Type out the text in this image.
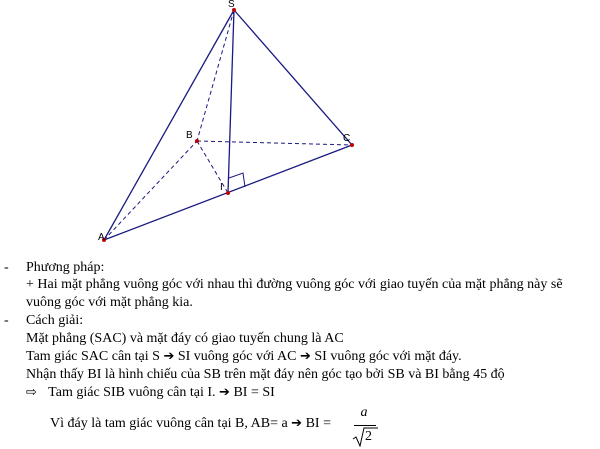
S
B	C
I
A
- Phương pháp:
+ Hai mặt phẳng vuông góc với nhau thì đường vuông góc với giao tuyến của mặt phẳng này sẽ
vuông góc với mặt phẳng kia.
- Cách giải:
Mặt phẳng (SAC) và mặt đáy có giao tuyến chung là AC
Tam giác SAC cân tại S ➔ SI vuông góc với AC ➔ SI vuông góc với mặt đáy.
Nhận thấy BI là hình chiếu của SB trên mặt đáy nên góc tạo bởi SB và BI bằng 45 độ
⇨ Tam giác SIB vuông cân tại I. ➔ BI = SI
Vì đáy là tam giác vuông cân tại B, AB= a ➔ BI =
a
2
